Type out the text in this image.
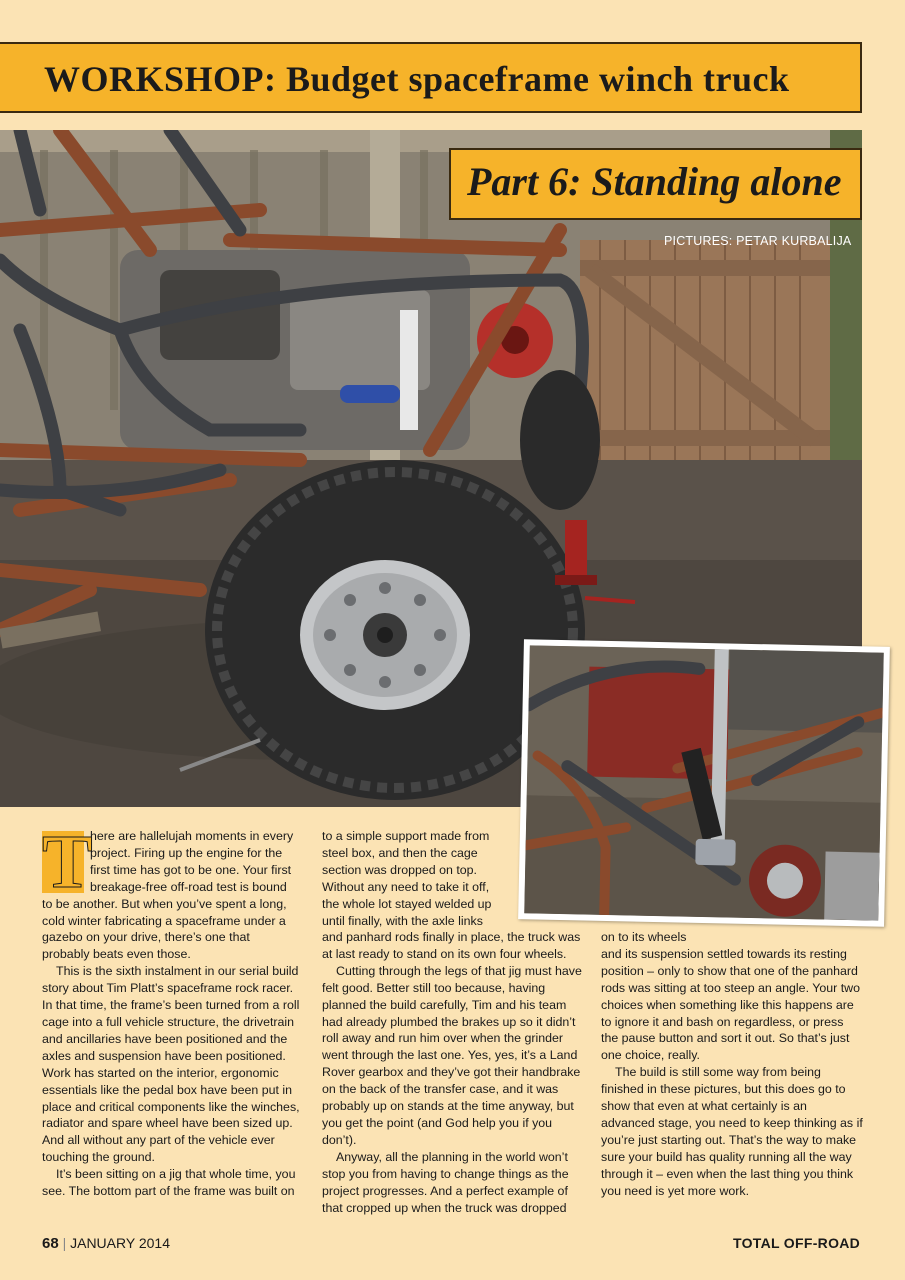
WORKSHOP: Budget spaceframe winch truck
Part 6: Standing alone
PICTURES: PETAR KURBALIJA
T

here are hallelujah moments in every project. Firing up the engine for the first time has got to be one. Your first breakage-free off-road test is bound to be another. But when you’ve spent a long, cold winter fabricating a spaceframe under a gazebo on your drive, there’s one that probably beats even those.

This is the sixth instalment in our serial build story about Tim Platt’s spaceframe rock racer. In that time, the frame’s been turned from a roll cage into a full vehicle structure, the drivetrain and ancillaries have been positioned and the axles and suspension have been positioned. Work has started on the interior, ergonomic essentials like the pedal box have been put in place and critical components like the winches, radiator and spare wheel have been sized up. And all without any part of the vehicle ever touching the ground.

It’s been sitting on a jig that whole time, you see. The bottom part of the frame was built on

to a simple support made from steel box, and then the cage section was dropped on top. Without any need to take it off, the whole lot stayed welded up until finally, with the axle links

and panhard rods finally in place, the truck was at last ready to stand on its own four wheels.

Cutting through the legs of that jig must have felt good. Better still too because, having planned the build carefully, Tim and his team had already plumbed the brakes up so it didn’t roll away and run him over when the grinder went through the last one. Yes, yes, it’s a Land Rover gearbox and they’ve got their handbrake on the back of the transfer case, and it was probably up on stands at the time anyway, but you get the point (and God help you if you don’t).

Anyway, all the planning in the world won’t stop you from having to change things as the project progresses. And a perfect example of that cropped up when the truck was dropped

on to its wheels

and its suspension settled towards its resting position – only to show that one of the panhard rods was sitting at too steep an angle. Your two choices when something like this happens are to ignore it and bash on regardless, or press the pause button and sort it out. So that’s just one choice, really.

The build is still some way from being finished in these pictures, but this does go to show that even at what certainly is an advanced stage, you need to keep thinking as if you’re just starting out. That’s the way to make sure your build has quality running all the way through it – even when the last thing you think you need is yet more work.

68 | JANUARY 2014	TOTAL OFF-ROAD
